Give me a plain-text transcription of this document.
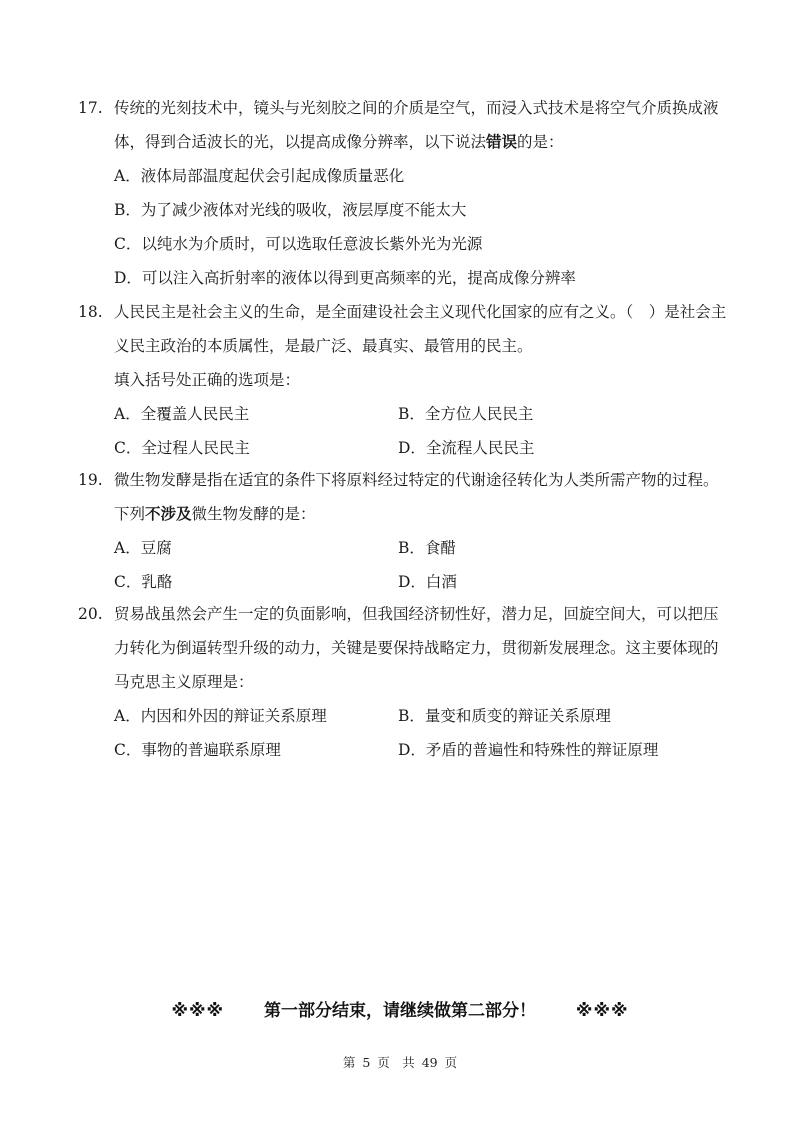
17. 传统的光刻技术中，镜头与光刻胶之间的介质是空气，而浸入式技术是将空气介质换成液体，得到合适波长的光，以提高成像分辨率，以下说法错误的是：
A．液体局部温度起伏会引起成像质量恶化
B．为了减少液体对光线的吸收，液层厚度不能太大
C．以纯水为介质时，可以选取任意波长紫外光为光源
D．可以注入高折射率的液体以得到更高频率的光，提高成像分辨率
18. 人民民主是社会主义的生命，是全面建设社会主义现代化国家的应有之义。（　）是社会主义民主政治的本质属性，是最广泛、最真实、最管用的民主。
填入括号处正确的选项是：
A．全覆盖人民民主	B．全方位人民民主
C．全过程人民民主	D．全流程人民民主
19. 微生物发酵是指在适宜的条件下将原料经过特定的代谢途径转化为人类所需产物的过程。下列不涉及微生物发酵的是：
A．豆腐	B．食醋
C．乳酪	D．白酒
20. 贸易战虽然会产生一定的负面影响，但我国经济韧性好，潜力足，回旋空间大，可以把压力转化为倒逼转型升级的动力，关键是要保持战略定力，贯彻新发展理念。这主要体现的马克思主义原理是：
A．内因和外因的辩证关系原理	B．量变和质变的辩证关系原理
C．事物的普遍联系原理	D．矛盾的普遍性和特殊性的辩证原理
※※※ 第一部分结束，请继续做第二部分！ ※※※
第 5 页　共 49 页
